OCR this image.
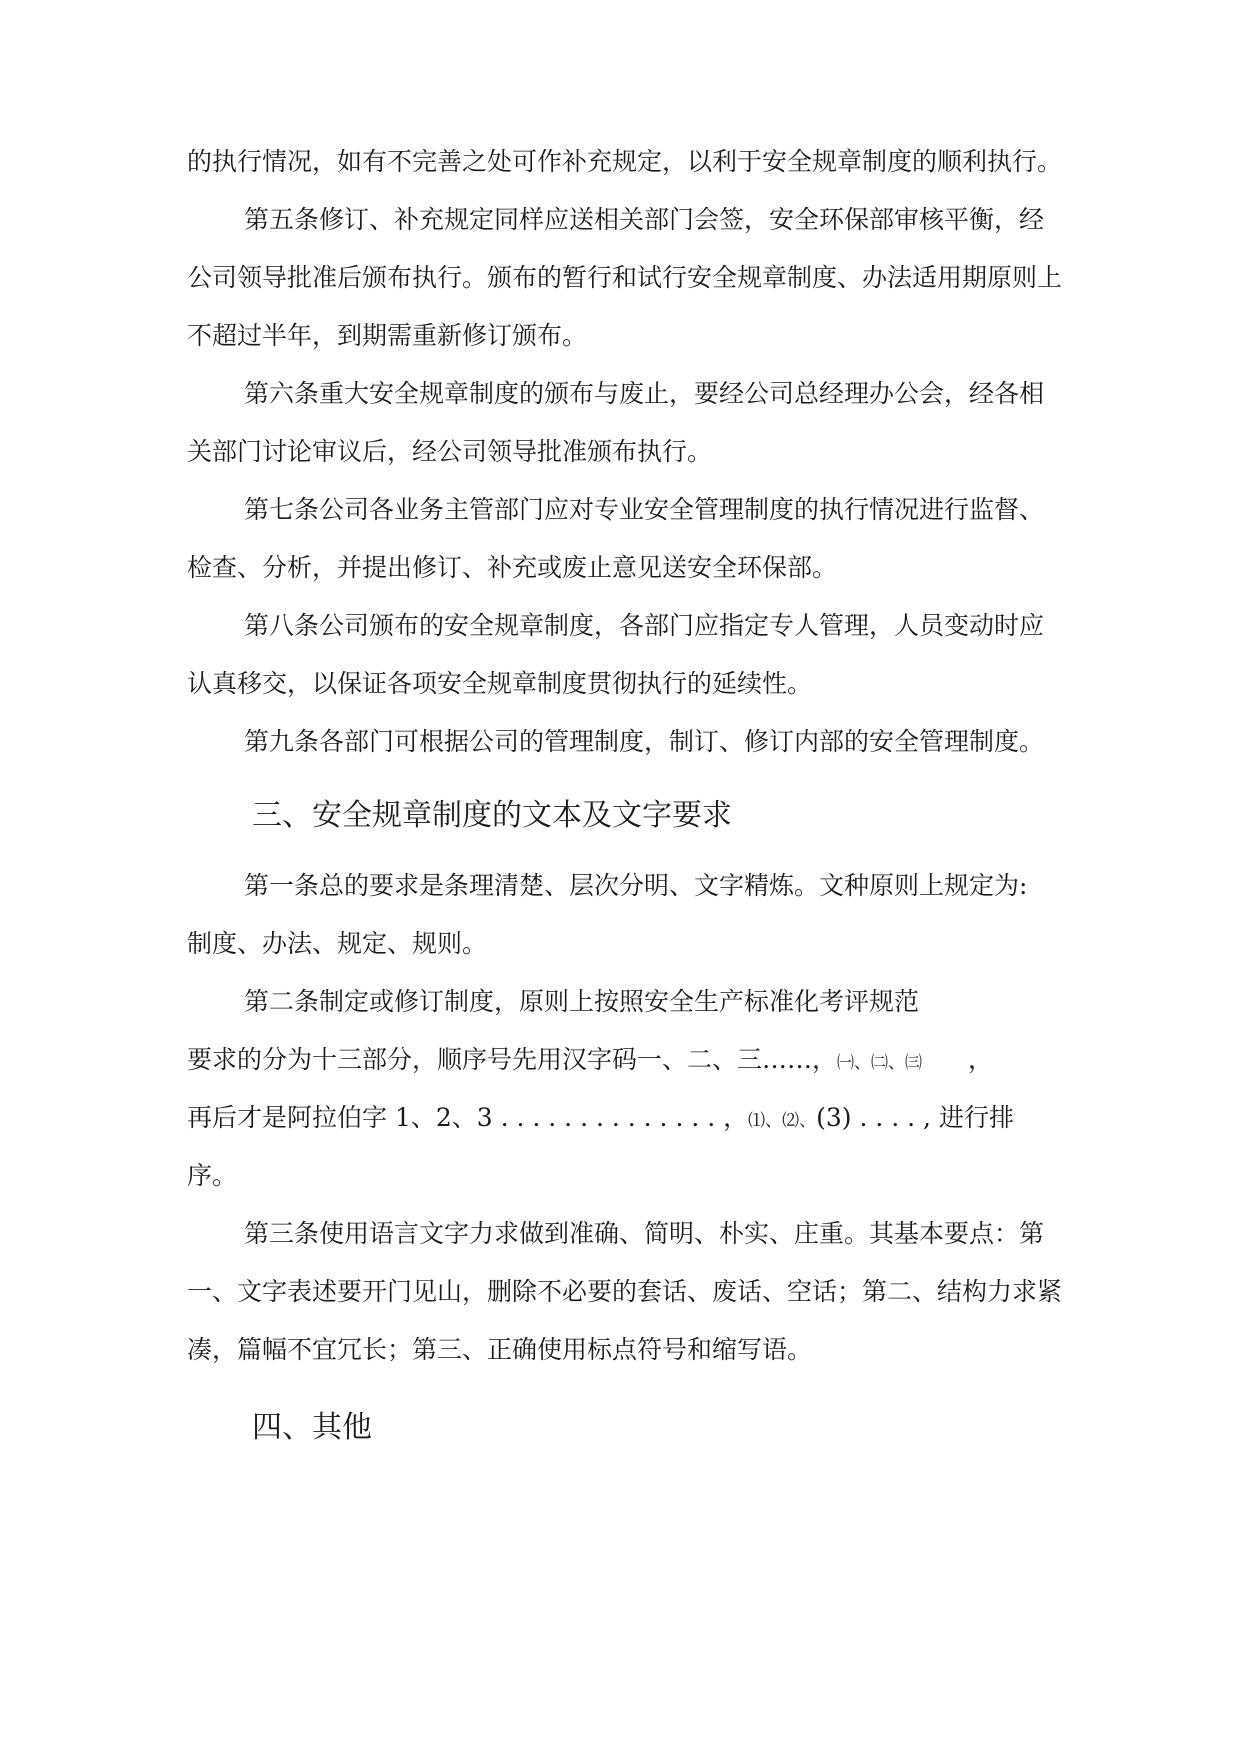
的执行情况，如有不完善之处可作补充规定，以利于安全规章制度的顺利执行。

第五条修订、补充规定同样应送相关部门会签，安全环保部审核平衡，经

公司领导批准后颁布执行。颁布的暂行和试行安全规章制度、办法适用期原则上

不超过半年，到期需重新修订颁布。

第六条重大安全规章制度的颁布与废止，要经公司总经理办公会，经各相

关部门讨论审议后，经公司领导批准颁布执行。

第七条公司各业务主管部门应对专业安全管理制度的执行情况进行监督、

检查、分析，并提出修订、补充或废止意见送安全环保部。

第八条公司颁布的安全规章制度，各部门应指定专人管理，人员变动时应

认真移交，以保证各项安全规章制度贯彻执行的延续性。

第九条各部门可根据公司的管理制度，制订、修订内部的安全管理制度。

三、安全规章制度的文本及文字要求

第一条总的要求是条理清楚、层次分明、文字精炼。文种原则上规定为:

制度、办法、规定、规则。

第二条制定或修订制度，原则上按照安全生产标准化考评规范

要求的分为十三部分，顺序号先用汉字码一、二、三……，㈠、㈡、㈢ ，

再后才是阿拉伯字 1、2、3 . . . . . . . . . . . . . . ，⑴、⑵、(3) . . . . , 进行排

序。

第三条使用语言文字力求做到准确、简明、朴实、庄重。其基本要点：第

一、文字表述要开门见山，删除不必要的套话、废话、空话；第二、结构力求紧

凑，篇幅不宜冗长；第三、正确使用标点符号和缩写语。

四、其他
